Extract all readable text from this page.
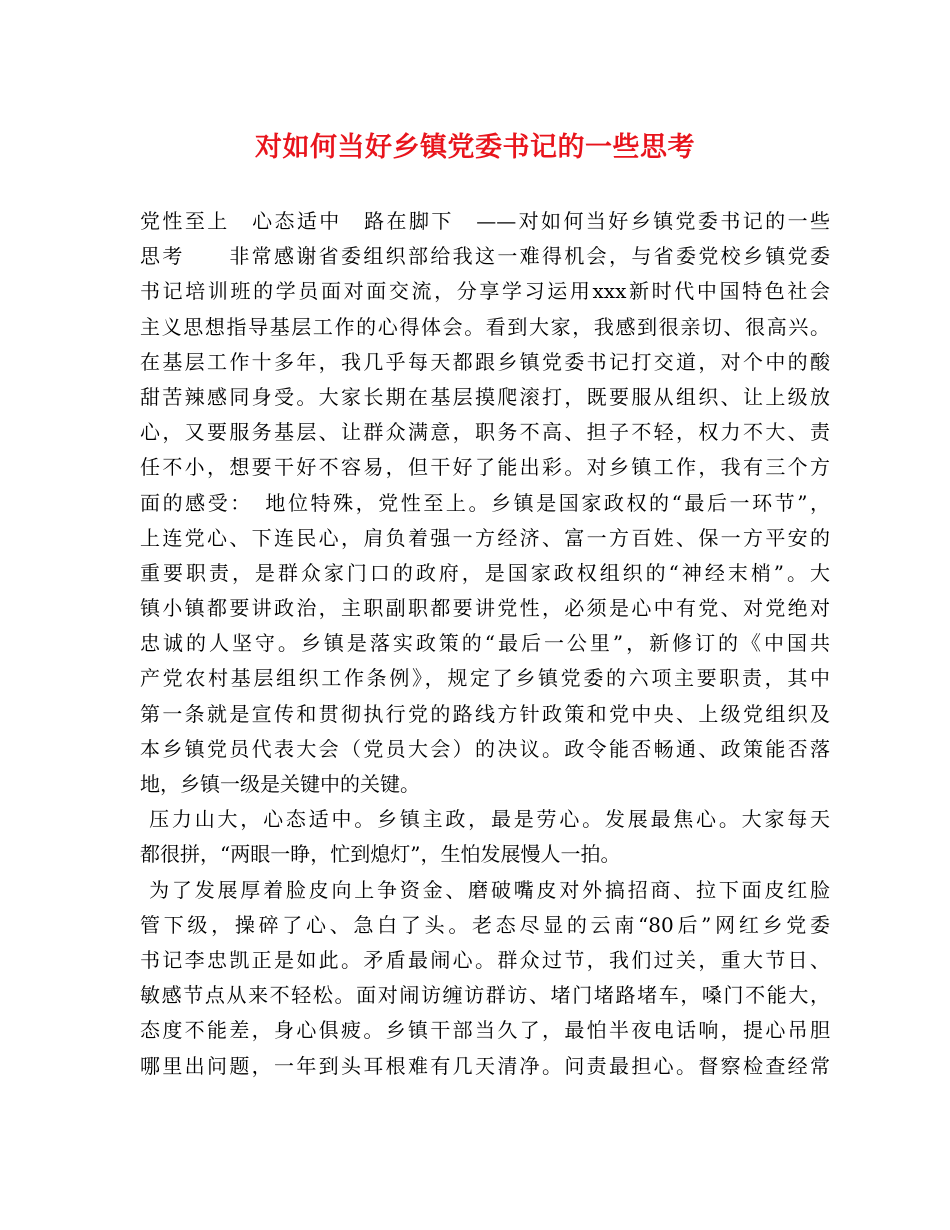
对如何当好乡镇党委书记的一些思考
党性至上　心态适中　路在脚下　——对如何当好乡镇党委书记的一些
思考　　非常感谢省委组织部给我这一难得机会，与省委党校乡镇党委
书记培训班的学员面对面交流，分享学习运用xxx新时代中国特色社会
主义思想指导基层工作的心得体会。看到大家，我感到很亲切、很高兴。
在基层工作十多年，我几乎每天都跟乡镇党委书记打交道，对个中的酸
甜苦辣感同身受。大家长期在基层摸爬滚打，既要服从组织、让上级放
心，又要服务基层、让群众满意，职务不高、担子不轻，权力不大、责
任不小，想要干好不容易，但干好了能出彩。对乡镇工作，我有三个方
面的感受：　地位特殊，党性至上。乡镇是国家政权的“最后一环节”，
上连党心、下连民心，肩负着强一方经济、富一方百姓、保一方平安的
重要职责，是群众家门口的政府，是国家政权组织的“神经末梢”。大
镇小镇都要讲政治，主职副职都要讲党性，必须是心中有党、对党绝对
忠诚的人坚守。乡镇是落实政策的“最后一公里”，新修订的《中国共
产党农村基层组织工作条例》，规定了乡镇党委的六项主要职责，其中
第一条就是宣传和贯彻执行党的路线方针政策和党中央、上级党组织及
本乡镇党员代表大会（党员大会）的决议。政令能否畅通、政策能否落
地，乡镇一级是关键中的关键。
压力山大，心态适中。乡镇主政，最是劳心。发展最焦心。大家每天
都很拼，“两眼一睁，忙到熄灯”，生怕发展慢人一拍。
为了发展厚着脸皮向上争资金、磨破嘴皮对外搞招商、拉下面皮红脸
管下级，操碎了心、急白了头。老态尽显的云南“80后”网红乡党委
书记李忠凯正是如此。矛盾最闹心。群众过节，我们过关，重大节日、
敏感节点从来不轻松。面对闹访缠访群访、堵门堵路堵车，嗓门不能大，
态度不能差，身心俱疲。乡镇干部当久了，最怕半夜电话响，提心吊胆
哪里出问题，一年到头耳根难有几天清净。问责最担心。督察检查经常
